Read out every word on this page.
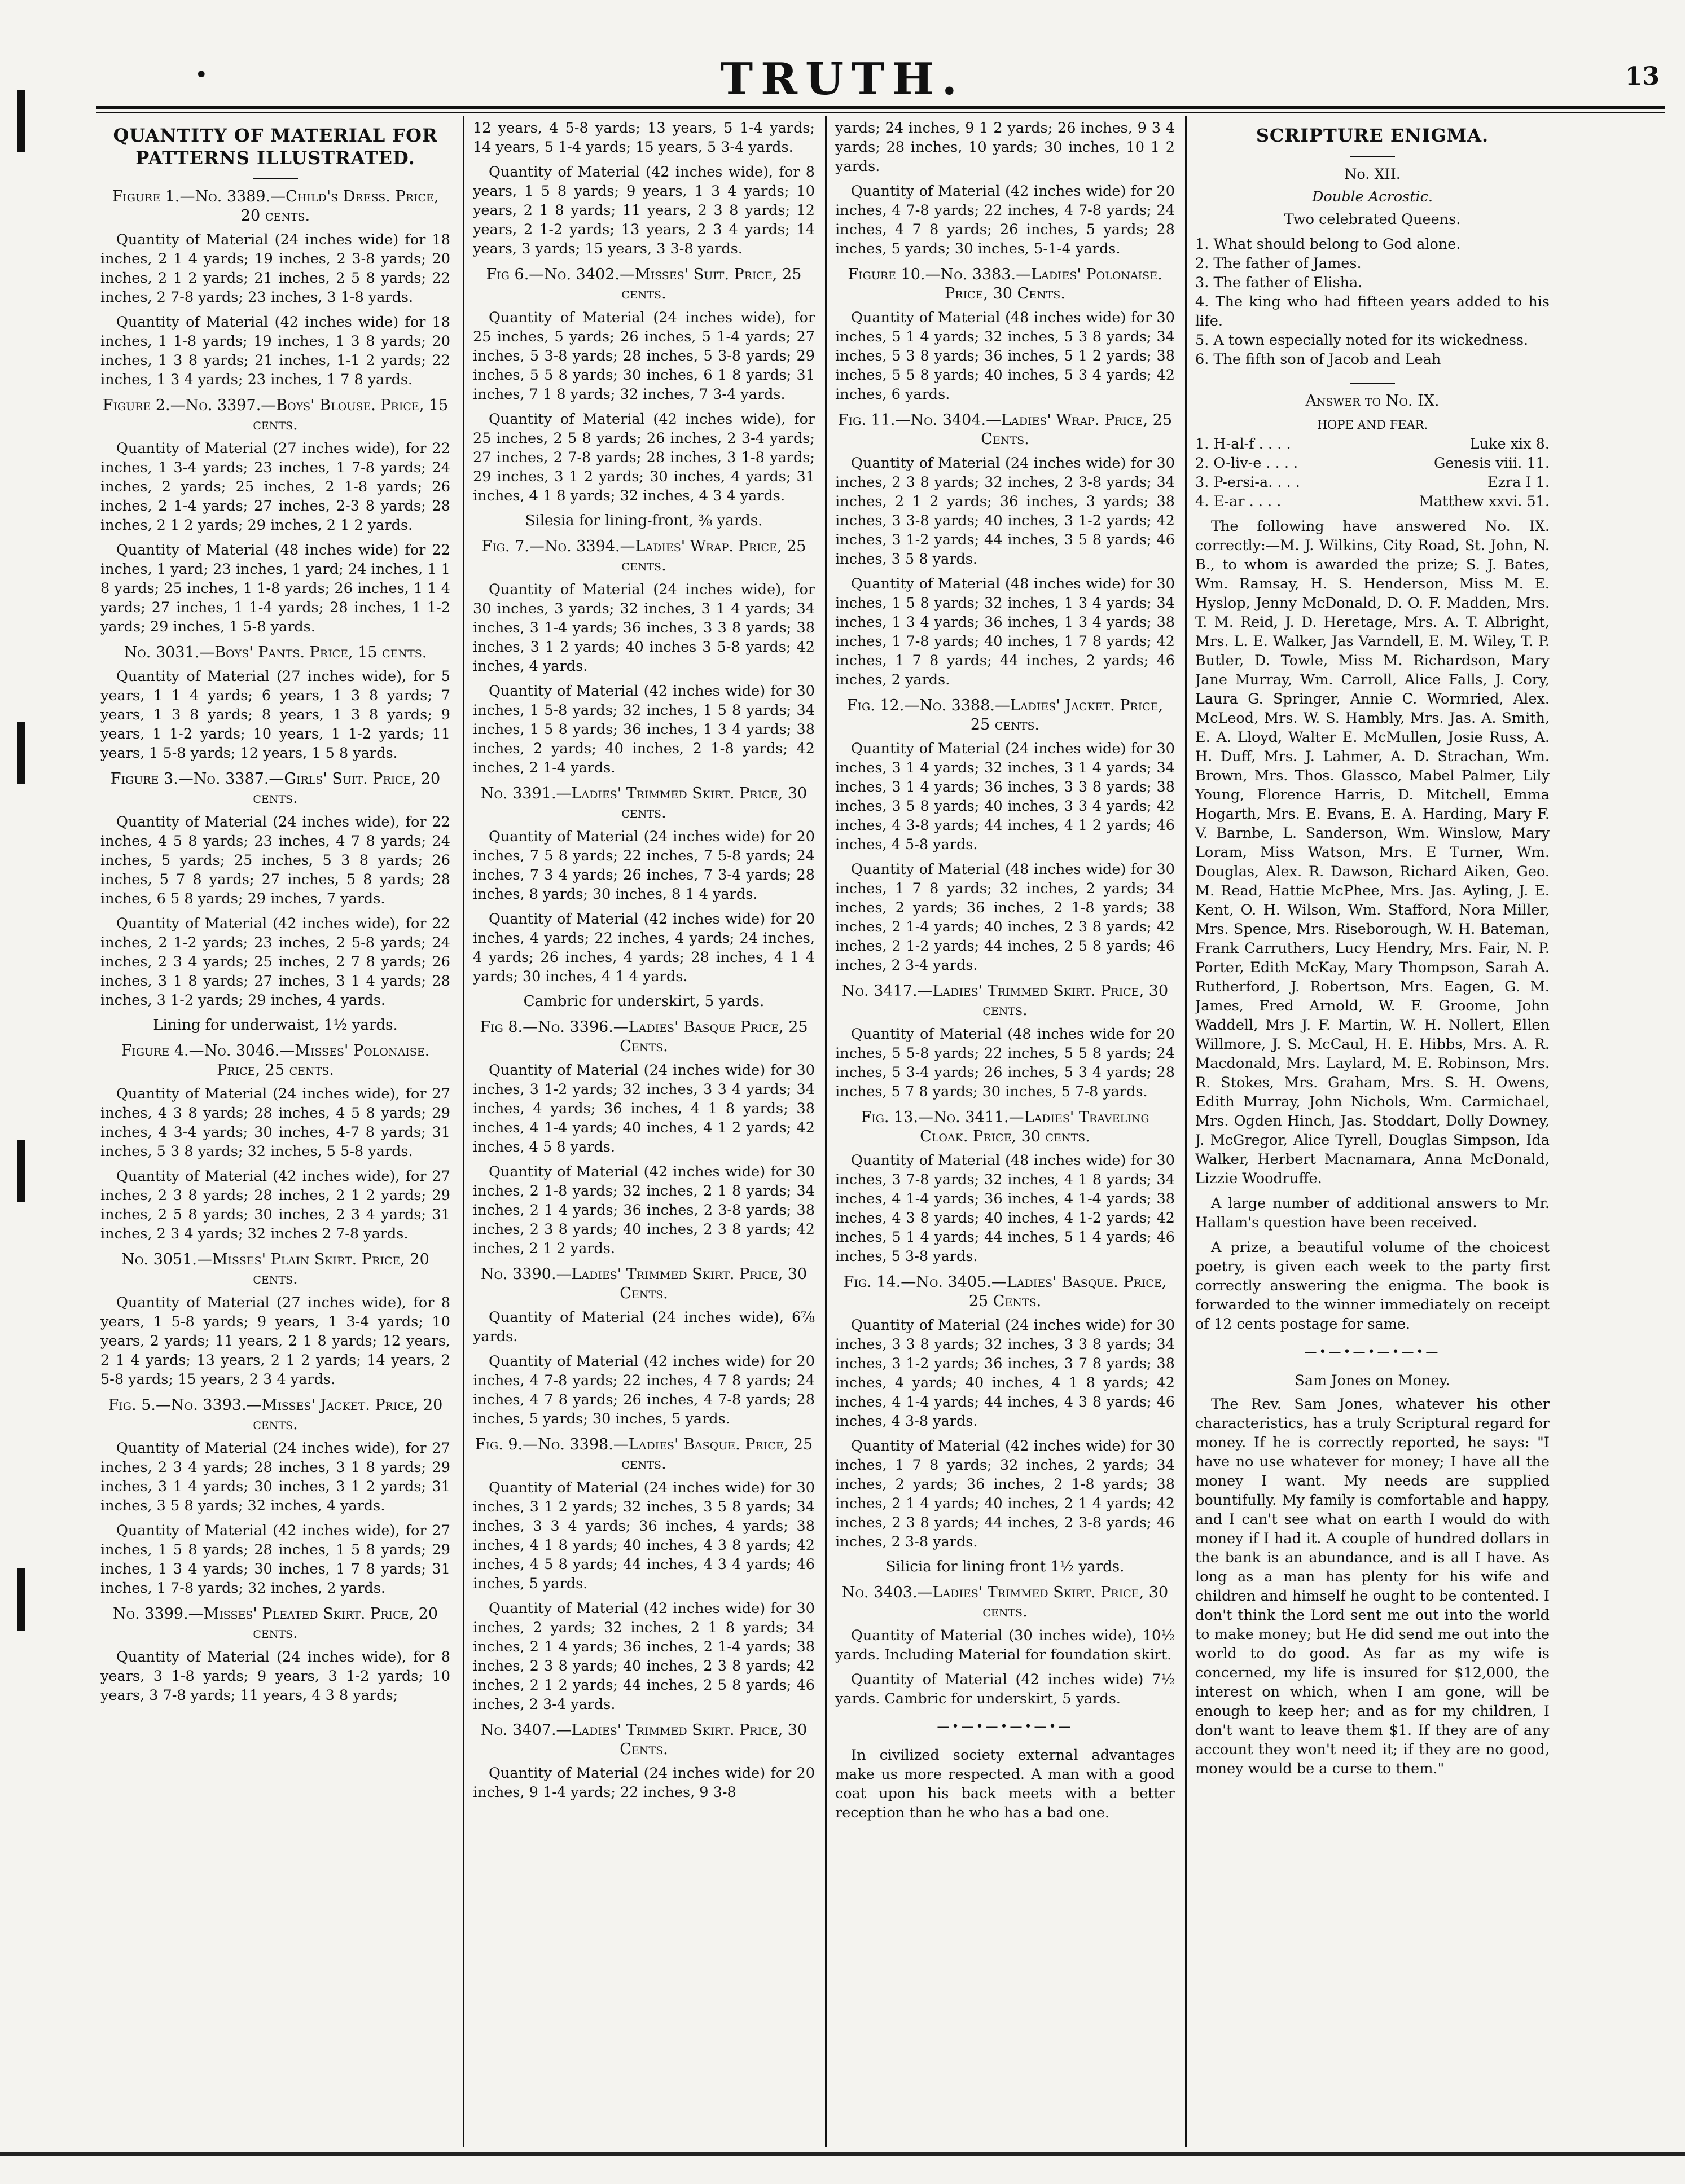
•	TRUTH.	13
QUANTITY OF MATERIAL FOR PATTERNS ILLUSTRATED.
Figure 1.—No. 3389.—Child's Dress. Price, 20 cents.

Quantity of Material (24 inches wide) for 18 inches, 2 1 4 yards; 19 inches, 2 3-8 yards; 20 inches, 2 1 2 yards; 21 inches, 2 5 8 yards; 22 inches, 2 7-8 yards; 23 inches, 3 1-8 yards.

Quantity of Material (42 inches wide) for 18 inches, 1 1-8 yards; 19 inches, 1 3 8 yards; 20 inches, 1 3 8 yards; 21 inches, 1-1 2 yards; 22 inches, 1 3 4 yards; 23 inches, 1 7 8 yards.

Figure 2.—No. 3397.—Boys' Blouse. Price, 15 cents.

Quantity of Material (27 inches wide), for 22 inches, 1 3-4 yards; 23 inches, 1 7-8 yards; 24 inches, 2 yards; 25 inches, 2 1-8 yards; 26 inches, 2 1-4 yards; 27 inches, 2-3 8 yards; 28 inches, 2 1 2 yards; 29 inches, 2 1 2 yards.

Quantity of Material (48 inches wide) for 22 inches, 1 yard; 23 inches, 1 yard; 24 inches, 1 1 8 yards; 25 inches, 1 1-8 yards; 26 inches, 1 1 4 yards; 27 inches, 1 1-4 yards; 28 inches, 1 1-2 yards; 29 inches, 1 5-8 yards.

No. 3031.—Boys' Pants. Price, 15 cents.

Quantity of Material (27 inches wide), for 5 years, 1 1 4 yards; 6 years, 1 3 8 yards; 7 years, 1 3 8 yards; 8 years, 1 3 8 yards; 9 years, 1 1-2 yards; 10 years, 1 1-2 yards; 11 years, 1 5-8 yards; 12 years, 1 5 8 yards.

Figure 3.—No. 3387.—Girls' Suit. Price, 20 cents.

Quantity of Material (24 inches wide), for 22 inches, 4 5 8 yards; 23 inches, 4 7 8 yards; 24 inches, 5 yards; 25 inches, 5 3 8 yards; 26 inches, 5 7 8 yards; 27 inches, 5 8 yards; 28 inches, 6 5 8 yards; 29 inches, 7 yards.

Quantity of Material (42 inches wide), for 22 inches, 2 1-2 yards; 23 inches, 2 5-8 yards; 24 inches, 2 3 4 yards; 25 inches, 2 7 8 yards; 26 inches, 3 1 8 yards; 27 inches, 3 1 4 yards; 28 inches, 3 1-2 yards; 29 inches, 4 yards.

Lining for underwaist, 1½ yards.
Figure 4.—No. 3046.—Misses' Polonaise. Price, 25 cents.

Quantity of Material (24 inches wide), for 27 inches, 4 3 8 yards; 28 inches, 4 5 8 yards; 29 inches, 4 3-4 yards; 30 inches, 4-7 8 yards; 31 inches, 5 3 8 yards; 32 inches, 5 5-8 yards.

Quantity of Material (42 inches wide), for 27 inches, 2 3 8 yards; 28 inches, 2 1 2 yards; 29 inches, 2 5 8 yards; 30 inches, 2 3 4 yards; 31 inches, 2 3 4 yards; 32 inches 2 7-8 yards.

No. 3051.—Misses' Plain Skirt. Price, 20 cents.

Quantity of Material (27 inches wide), for 8 years, 1 5-8 yards; 9 years, 1 3-4 yards; 10 years, 2 yards; 11 years, 2 1 8 yards; 12 years, 2 1 4 yards; 13 years, 2 1 2 yards; 14 years, 2 5-8 yards; 15 years, 2 3 4 yards.

Fig. 5.—No. 3393.—Misses' Jacket. Price, 20 cents.

Quantity of Material (24 inches wide), for 27 inches, 2 3 4 yards; 28 inches, 3 1 8 yards; 29 inches, 3 1 4 yards; 30 inches, 3 1 2 yards; 31 inches, 3 5 8 yards; 32 inches, 4 yards.

Quantity of Material (42 inches wide), for 27 inches, 1 5 8 yards; 28 inches, 1 5 8 yards; 29 inches, 1 3 4 yards; 30 inches, 1 7 8 yards; 31 inches, 1 7-8 yards; 32 inches, 2 yards.

No. 3399.—Misses' Pleated Skirt. Price, 20 cents.

Quantity of Material (24 inches wide), for 8 years, 3 1-8 yards; 9 years, 3 1-2 yards; 10 years, 3 7-8 yards; 11 years, 4 3 8 yards;

12 years, 4 5-8 yards; 13 years, 5 1-4 yards; 14 years, 5 1-4 yards; 15 years, 5 3-4 yards.

Quantity of Material (42 inches wide), for 8 years, 1 5 8 yards; 9 years, 1 3 4 yards; 10 years, 2 1 8 yards; 11 years, 2 3 8 yards; 12 years, 2 1-2 yards; 13 years, 2 3 4 yards; 14 years, 3 yards; 15 years, 3 3-8 yards.

Fig 6.—No. 3402.—Misses' Suit. Price, 25 cents.

Quantity of Material (24 inches wide), for 25 inches, 5 yards; 26 inches, 5 1-4 yards; 27 inches, 5 3-8 yards; 28 inches, 5 3-8 yards; 29 inches, 5 5 8 yards; 30 inches, 6 1 8 yards; 31 inches, 7 1 8 yards; 32 inches, 7 3-4 yards.

Quantity of Material (42 inches wide), for 25 inches, 2 5 8 yards; 26 inches, 2 3-4 yards; 27 inches, 2 7-8 yards; 28 inches, 3 1-8 yards; 29 inches, 3 1 2 yards; 30 inches, 4 yards; 31 inches, 4 1 8 yards; 32 inches, 4 3 4 yards.

Silesia for lining-front, ⅜ yards.
Fig. 7.—No. 3394.—Ladies' Wrap. Price, 25 cents.

Quantity of Material (24 inches wide), for 30 inches, 3 yards; 32 inches, 3 1 4 yards; 34 inches, 3 1-4 yards; 36 inches, 3 3 8 yards; 38 inches, 3 1 2 yards; 40 inches 3 5-8 yards; 42 inches, 4 yards.

Quantity of Material (42 inches wide) for 30 inches, 1 5-8 yards; 32 inches, 1 5 8 yards; 34 inches, 1 5 8 yards; 36 inches, 1 3 4 yards; 38 inches, 2 yards; 40 inches, 2 1-8 yards; 42 inches, 2 1-4 yards.

No. 3391.—Ladies' Trimmed Skirt. Price, 30 cents.

Quantity of Material (24 inches wide) for 20 inches, 7 5 8 yards; 22 inches, 7 5-8 yards; 24 inches, 7 3 4 yards; 26 inches, 7 3-4 yards; 28 inches, 8 yards; 30 inches, 8 1 4 yards.

Quantity of Material (42 inches wide) for 20 inches, 4 yards; 22 inches, 4 yards; 24 inches, 4 yards; 26 inches, 4 yards; 28 inches, 4 1 4 yards; 30 inches, 4 1 4 yards.

Cambric for underskirt, 5 yards.
Fig 8.—No. 3396.—Ladies' Basque Price, 25 Cents.

Quantity of Material (24 inches wide) for 30 inches, 3 1-2 yards; 32 inches, 3 3 4 yards; 34 inches, 4 yards; 36 inches, 4 1 8 yards; 38 inches, 4 1-4 yards; 40 inches, 4 1 2 yards; 42 inches, 4 5 8 yards.

Quantity of Material (42 inches wide) for 30 inches, 2 1-8 yards; 32 inches, 2 1 8 yards; 34 inches, 2 1 4 yards; 36 inches, 2 3-8 yards; 38 inches, 2 3 8 yards; 40 inches, 2 3 8 yards; 42 inches, 2 1 2 yards.

No. 3390.—Ladies' Trimmed Skirt. Price, 30 Cents.

Quantity of Material (24 inches wide), 6⅞ yards.

Quantity of Material (42 inches wide) for 20 inches, 4 7-8 yards; 22 inches, 4 7 8 yards; 24 inches, 4 7 8 yards; 26 inches, 4 7-8 yards; 28 inches, 5 yards; 30 inches, 5 yards.

Fig. 9.—No. 3398.—Ladies' Basque. Price, 25 cents.

Quantity of Material (24 inches wide) for 30 inches, 3 1 2 yards; 32 inches, 3 5 8 yards; 34 inches, 3 3 4 yards; 36 inches, 4 yards; 38 inches, 4 1 8 yards; 40 inches, 4 3 8 yards; 42 inches, 4 5 8 yards; 44 inches, 4 3 4 yards; 46 inches, 5 yards.

Quantity of Material (42 inches wide) for 30 inches, 2 yards; 32 inches, 2 1 8 yards; 34 inches, 2 1 4 yards; 36 inches, 2 1-4 yards; 38 inches, 2 3 8 yards; 40 inches, 2 3 8 yards; 42 inches, 2 1 2 yards; 44 inches, 2 5 8 yards; 46 inches, 2 3-4 yards.

No. 3407.—Ladies' Trimmed Skirt. Price, 30 Cents.

Quantity of Material (24 inches wide) for 20 inches, 9 1-4 yards; 22 inches, 9 3-8

yards; 24 inches, 9 1 2 yards; 26 inches, 9 3 4 yards; 28 inches, 10 yards; 30 inches, 10 1 2 yards.

Quantity of Material (42 inches wide) for 20 inches, 4 7-8 yards; 22 inches, 4 7-8 yards; 24 inches, 4 7 8 yards; 26 inches, 5 yards; 28 inches, 5 yards; 30 inches, 5-1-4 yards.

Figure 10.—No. 3383.—Ladies' Polonaise. Price, 30 Cents.

Quantity of Material (48 inches wide) for 30 inches, 5 1 4 yards; 32 inches, 5 3 8 yards; 34 inches, 5 3 8 yards; 36 inches, 5 1 2 yards; 38 inches, 5 5 8 yards; 40 inches, 5 3 4 yards; 42 inches, 6 yards.

Fig. 11.—No. 3404.—Ladies' Wrap. Price, 25 Cents.

Quantity of Material (24 inches wide) for 30 inches, 2 3 8 yards; 32 inches, 2 3-8 yards; 34 inches, 2 1 2 yards; 36 inches, 3 yards; 38 inches, 3 3-8 yards; 40 inches, 3 1-2 yards; 42 inches, 3 1-2 yards; 44 inches, 3 5 8 yards; 46 inches, 3 5 8 yards.

Quantity of Material (48 inches wide) for 30 inches, 1 5 8 yards; 32 inches, 1 3 4 yards; 34 inches, 1 3 4 yards; 36 inches, 1 3 4 yards; 38 inches, 1 7-8 yards; 40 inches, 1 7 8 yards; 42 inches, 1 7 8 yards; 44 inches, 2 yards; 46 inches, 2 yards.

Fig. 12.—No. 3388.—Ladies' Jacket. Price, 25 cents.

Quantity of Material (24 inches wide) for 30 inches, 3 1 4 yards; 32 inches, 3 1 4 yards; 34 inches, 3 1 4 yards; 36 inches, 3 3 8 yards; 38 inches, 3 5 8 yards; 40 inches, 3 3 4 yards; 42 inches, 4 3-8 yards; 44 inches, 4 1 2 yards; 46 inches, 4 5-8 yards.

Quantity of Material (48 inches wide) for 30 inches, 1 7 8 yards; 32 inches, 2 yards; 34 inches, 2 yards; 36 inches, 2 1-8 yards; 38 inches, 2 1-4 yards; 40 inches, 2 3 8 yards; 42 inches, 2 1-2 yards; 44 inches, 2 5 8 yards; 46 inches, 2 3-4 yards.

No. 3417.—Ladies' Trimmed Skirt. Price, 30 cents.

Quantity of Material (48 inches wide for 20 inches, 5 5-8 yards; 22 inches, 5 5 8 yards; 24 inches, 5 3-4 yards; 26 inches, 5 3 4 yards; 28 inches, 5 7 8 yards; 30 inches, 5 7-8 yards.

Fig. 13.—No. 3411.—Ladies' Traveling Cloak. Price, 30 cents.

Quantity of Material (48 inches wide) for 30 inches, 3 7-8 yards; 32 inches, 4 1 8 yards; 34 inches, 4 1-4 yards; 36 inches, 4 1-4 yards; 38 inches, 4 3 8 yards; 40 inches, 4 1-2 yards; 42 inches, 5 1 4 yards; 44 inches, 5 1 4 yards; 46 inches, 5 3-8 yards.

Fig. 14.—No. 3405.—Ladies' Basque. Price, 25 Cents.

Quantity of Material (24 inches wide) for 30 inches, 3 3 8 yards; 32 inches, 3 3 8 yards; 34 inches, 3 1-2 yards; 36 inches, 3 7 8 yards; 38 inches, 4 yards; 40 inches, 4 1 8 yards; 42 inches, 4 1-4 yards; 44 inches, 4 3 8 yards; 46 inches, 4 3-8 yards.

Quantity of Material (42 inches wide) for 30 inches, 1 7 8 yards; 32 inches, 2 yards; 34 inches, 2 yards; 36 inches, 2 1-8 yards; 38 inches, 2 1 4 yards; 40 inches, 2 1 4 yards; 42 inches, 2 3 8 yards; 44 inches, 2 3-8 yards; 46 inches, 2 3-8 yards.

Silicia for lining front 1½ yards.
No. 3403.—Ladies' Trimmed Skirt. Price, 30 cents.

Quantity of Material (30 inches wide), 10½ yards. Including Material for foundation skirt.

Quantity of Material (42 inches wide) 7½ yards. Cambric for underskirt, 5 yards.

—•—•—•—•—•—

In civilized society external advantages make us more respected. A man with a good coat upon his back meets with a better reception than he who has a bad one.

SCRIPTURE ENIGMA.
No. XII.
Double Acrostic.
Two celebrated Queens.
1. What should belong to God alone.
2. The father of James.
3. The father of Elisha.
4. The king who had fifteen years added to his life.
5. A town especially noted for its wickedness.
6. The fifth son of Jacob and Leah
Answer to No. IX.
HOPE AND FEAR.
1. H-al-f . . . .	Luke xix 8.
2. O-liv-e . . . .	Genesis viii. 11.
3. P-ersi-a. . . .	Ezra I 1.
4. E-ar . . . .	Matthew xxvi. 51.

The following have answered No. IX. correctly:—M. J. Wilkins, City Road, St. John, N. B., to whom is awarded the prize; S. J. Bates, Wm. Ramsay, H. S. Henderson, Miss M. E. Hyslop, Jenny McDonald, D. O. F. Madden, Mrs. T. M. Reid, J. D. Heretage, Mrs. A. T. Albright, Mrs. L. E. Walker, Jas Varndell, E. M. Wiley, T. P. Butler, D. Towle, Miss M. Richardson, Mary Jane Murray, Wm. Carroll, Alice Falls, J. Cory, Laura G. Springer, Annie C. Wormried, Alex. McLeod, Mrs. W. S. Hambly, Mrs. Jas. A. Smith, E. A. Lloyd, Walter E. McMullen, Josie Russ, A. H. Duff, Mrs. J. Lahmer, A. D. Strachan, Wm. Brown, Mrs. Thos. Glassco, Mabel Palmer, Lily Young, Florence Harris, D. Mitchell, Emma Hogarth, Mrs. E. Evans, E. A. Harding, Mary F. V. Barnbe, L. Sanderson, Wm. Winslow, Mary Loram, Miss Watson, Mrs. E Turner, Wm. Douglas, Alex. R. Dawson, Richard Aiken, Geo. M. Read, Hattie McPhee, Mrs. Jas. Ayling, J. E. Kent, O. H. Wilson, Wm. Stafford, Nora Miller, Mrs. Spence, Mrs. Riseborough, W. H. Bateman, Frank Carruthers, Lucy Hendry, Mrs. Fair, N. P. Porter, Edith McKay, Mary Thompson, Sarah A. Rutherford, J. Robertson, Mrs. Eagen, G. M. James, Fred Arnold, W. F. Groome, John Waddell, Mrs J. F. Martin, W. H. Nollert, Ellen Willmore, J. S. McCaul, H. E. Hibbs, Mrs. A. R. Macdonald, Mrs. Laylard, M. E. Robinson, Mrs. R. Stokes, Mrs. Graham, Mrs. S. H. Owens, Edith Murray, John Nichols, Wm. Carmichael, Mrs. Ogden Hinch, Jas. Stoddart, Dolly Downey, J. McGregor, Alice Tyrell, Douglas Simpson, Ida Walker, Herbert Macnamara, Anna McDonald, Lizzie Woodruffe.

A large number of additional answers to Mr. Hallam's question have been received.

A prize, a beautiful volume of the choicest poetry, is given each week to the party first correctly answering the enigma. The book is forwarded to the winner immediately on receipt of 12 cents postage for same.

—•—•—•—•—•—
Sam Jones on Money.

The Rev. Sam Jones, whatever his other characteristics, has a truly Scriptural regard for money. If he is correctly reported, he says: "I have no use whatever for money; I have all the money I want. My needs are supplied bountifully. My family is comfortable and happy, and I can't see what on earth I would do with money if I had it. A couple of hundred dollars in the bank is an abundance, and is all I have. As long as a man has plenty for his wife and children and himself he ought to be contented. I don't think the Lord sent me out into the world to make money; but He did send me out into the world to do good. As far as my wife is concerned, my life is insured for $12,000, the interest on which, when I am gone, will be enough to keep her; and as for my children, I don't want to leave them $1. If they are of any account they won't need it; if they are no good, money would be a curse to them."
